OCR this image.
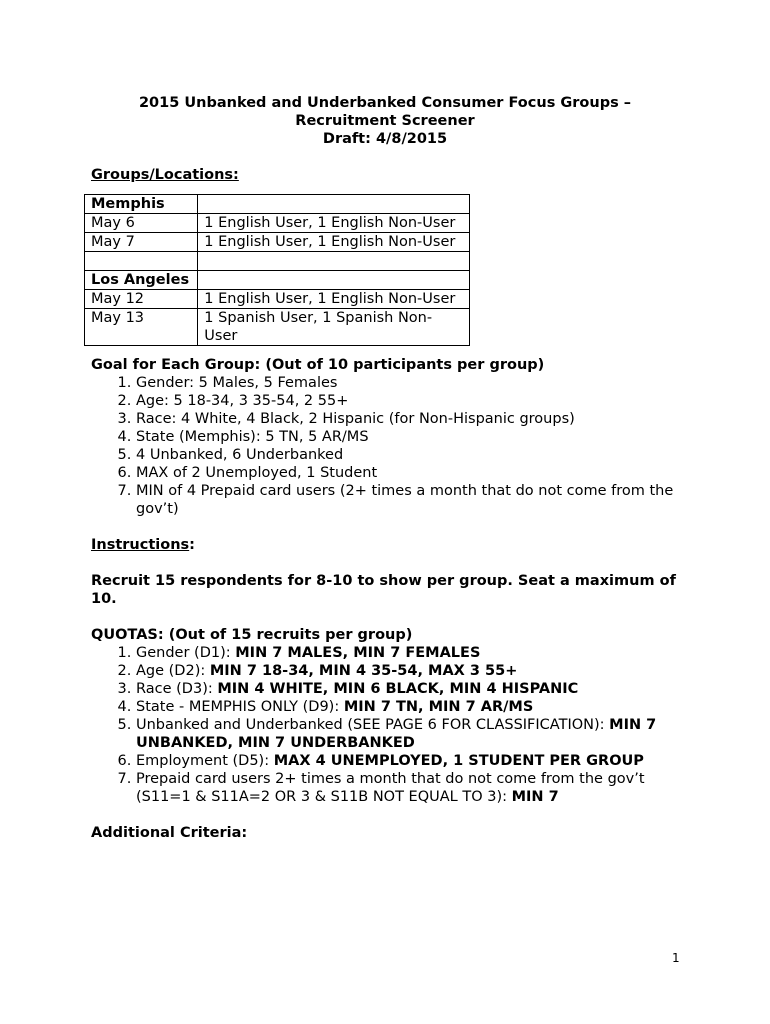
2015 Unbanked and Underbanked Consumer Focus Groups –
Recruitment Screener
Draft: 4/8/2015
Groups/Locations:
Memphis	
May 6	1 English User, 1 English Non-User
May 7	1 English User, 1 English Non-User

Los Angeles	
May 12	1 English User, 1 English Non-User
May 13	1 Spanish User, 1 Spanish Non-User
Goal for Each Group: (Out of 10 participants per group)
1. Gender: 5 Males, 5 Females
2. Age: 5 18-34, 3 35-54, 2 55+
3. Race: 4 White, 4 Black, 2 Hispanic (for Non-Hispanic groups)
4. State (Memphis): 5 TN, 5 AR/MS
5. 4 Unbanked, 6 Underbanked
6. MAX of 2 Unemployed, 1 Student
7. MIN of 4 Prepaid card users (2+ times a month that do not come from the gov’t)
Instructions:
Recruit 15 respondents for 8-10 to show per group. Seat a maximum of 10.
QUOTAS: (Out of 15 recruits per group)
1. Gender (D1): MIN 7 MALES, MIN 7 FEMALES
2. Age (D2): MIN 7 18-34, MIN 4 35-54, MAX 3 55+
3. Race (D3): MIN 4 WHITE, MIN 6 BLACK, MIN 4 HISPANIC
4. State - MEMPHIS ONLY (D9): MIN 7 TN, MIN 7 AR/MS
5. Unbanked and Underbanked (SEE PAGE 6 FOR CLASSIFICATION): MIN 7 UNBANKED, MIN 7 UNDERBANKED
6. Employment (D5): MAX 4 UNEMPLOYED, 1 STUDENT PER GROUP
7. Prepaid card users 2+ times a month that do not come from the gov’t (S11=1 & S11A=2 OR 3 & S11B NOT EQUAL TO 3): MIN 7
Additional Criteria:
1
